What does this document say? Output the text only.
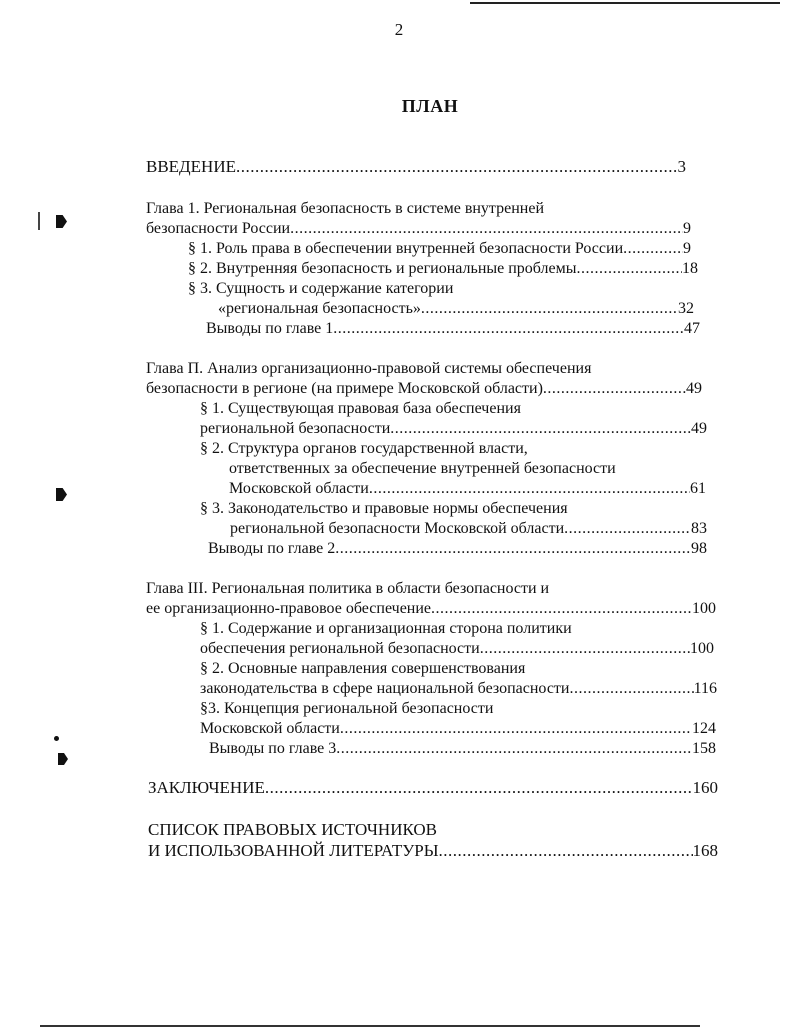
2
ПЛАН
ВВЕДЕНИЕ .....	3
Глава 1. Региональная безопасность в системе внутренней
безопасности России .....	9
§ 1. Роль права в обеспечении внутренней безопасности России .....	9
§ 2. Внутренняя безопасность и региональные проблемы .....	18
§ 3. Сущность и содержание категории
«региональная безопасность» .....	32
Выводы по главе 1 .....	47
Глава П. Анализ организационно-правовой системы обеспечения
безопасности в регионе (на примере Московской области) .....	49
§ 1. Существующая правовая база обеспечения
региональной безопасности .....	49
§ 2. Структура органов государственной власти,
ответственных за обеспечение внутренней безопасности
Московской области .....	61
§ 3. Законодательство и правовые нормы обеспечения
региональной безопасности Московской области .....	83
Выводы по главе 2 .....	98
Глава III. Региональная политика в области безопасности и
ее организационно-правовое обеспечение .....	100
§ 1. Содержание и организационная сторона политики
обеспечения региональной безопасности .....	100
§ 2. Основные направления совершенствования
законодательства в сфере национальной безопасности .....	116
§3. Концепция региональной безопасности
Московской области .....	124
Выводы по главе 3 .....	158
ЗАКЛЮЧЕНИЕ .....	160
СПИСОК ПРАВОВЫХ ИСТОЧНИКОВ
И ИСПОЛЬЗОВАННОЙ ЛИТЕРАТУРЫ .....	168
